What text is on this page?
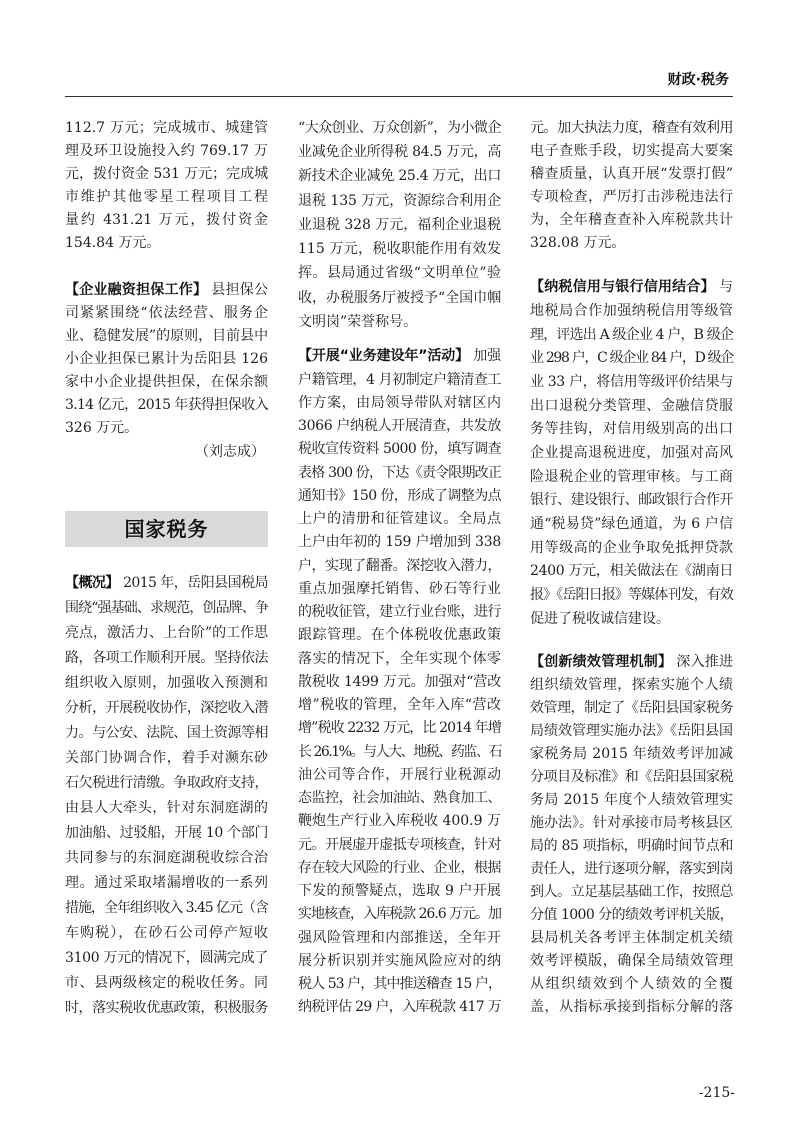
财政·税务
112.7 万元；完成城市、城建管
理及环卫设施投入约 769.17 万
元，拨付资金 531 万元；完成城
市维护其他零星工程项目工程
量约 431.21 万元，拨付资金
154.84 万元。
【企业融资担保工作】 县担保公
司紧紧围绕“依法经营、服务企
业、稳健发展”的原则，目前县中
小企业担保已累计为岳阳县 126
家中小企业提供担保，在保余额
3.14 亿元，2015 年获得担保收入
326 万元。
（刘志成）
国家税务
【概况】 2015 年，岳阳县国税局
围绕“强基础、求规范，创品牌、争
亮点，激活力、上台阶”的工作思
路，各项工作顺利开展。坚持依法
组织收入原则，加强收入预测和
分析，开展税收协作，深挖收入潜
力。与公安、法院、国土资源等相
关部门协调合作，着手对濒东砂
石欠税进行清缴。争取政府支持，
由县人大牵头，针对东洞庭湖的
加油船、过驳船，开展 10 个部门
共同参与的东洞庭湖税收综合治
理。通过采取堵漏增收的一系列
措施，全年组织收入 3.45 亿元（含
车购税），在砂石公司停产短收
3100 万元的情况下，圆满完成了
市、县两级核定的税收任务。同
时，落实税收优惠政策，积极服务
“大众创业、万众创新”，为小微企
业减免企业所得税 84.5 万元，高
新技术企业减免 25.4 万元，出口
退税 135 万元，资源综合利用企
业退税 328 万元，福利企业退税
115 万元，税收职能作用有效发
挥。县局通过省级“文明单位”验
收，办税服务厅被授予“全国巾帼
文明岗”荣誉称号。
【开展“业务建设年”活动】 加强
户籍管理，4 月初制定户籍清查工
作方案，由局领导带队对辖区内
3066 户纳税人开展清查，共发放
税收宣传资料 5000 份，填写调查
表格 300 份，下达《责令限期改正
通知书》150 份，形成了调整为点
上户的清册和征管建议。全局点
上户由年初的 159 户增加到 338
户，实现了翻番。深挖收入潜力，
重点加强摩托销售、砂石等行业
的税收征管，建立行业台账，进行
跟踪管理。在个体税收优惠政策
落实的情况下，全年实现个体零
散税收 1499 万元。加强对“营改
增”税收的管理，全年入库“营改
增”税收 2232 万元，比 2014 年增
长 26.1%。与人大、地税、药监、石
油公司等合作，开展行业税源动
态监控，社会加油站、熟食加工、
鞭炮生产行业入库税收 400.9 万
元。开展虚开虚抵专项核查，针对
存在较大风险的行业、企业，根据
下发的预警疑点，选取 9 户开展
实地核查，入库税款 26.6 万元。加
强风险管理和内部推送，全年开
展分析识别并实施风险应对的纳
税人 53 户，其中推送稽查 15 户，
纳税评估 29 户，入库税款 417 万
元。加大执法力度，稽查有效利用
电子查账手段，切实提高大要案
稽查质量，认真开展“发票打假”
专项检查，严厉打击涉税违法行
为，全年稽查查补入库税款共计
328.08 万元。
【纳税信用与银行信用结合】 与
地税局合作加强纳税信用等级管
理，评选出 A 级企业 4 户，B 级企
业 298 户，C 级企业 84 户，D 级企
业 33 户，将信用等级评价结果与
出口退税分类管理、金融信贷服
务等挂钩，对信用级别高的出口
企业提高退税进度，加强对高风
险退税企业的管理审核。与工商
银行、建设银行、邮政银行合作开
通“税易贷”绿色通道，为 6 户信
用等级高的企业争取免抵押贷款
2400 万元，相关做法在《湖南日
报》《岳阳日报》等媒体刊发，有效
促进了税收诚信建设。
【创新绩效管理机制】 深入推进
组织绩效管理，探索实施个人绩
效管理，制定了《岳阳县国家税务
局绩效管理实施办法》《岳阳县国
家税务局 2015 年绩效考评加减
分项目及标准》和《岳阳县国家税
务局 2015 年度个人绩效管理实
施办法》。针对承接市局考核县区
局的 85 项指标，明确时间节点和
责任人，进行逐项分解，落实到岗
到人。立足基层基础工作，按照总
分值 1000 分的绩效考评机关版，
县局机关各考评主体制定机关绩
效考评模版，确保全局绩效管理
从组织绩效到个人绩效的全覆
盖，从指标承接到指标分解的落
-215-
